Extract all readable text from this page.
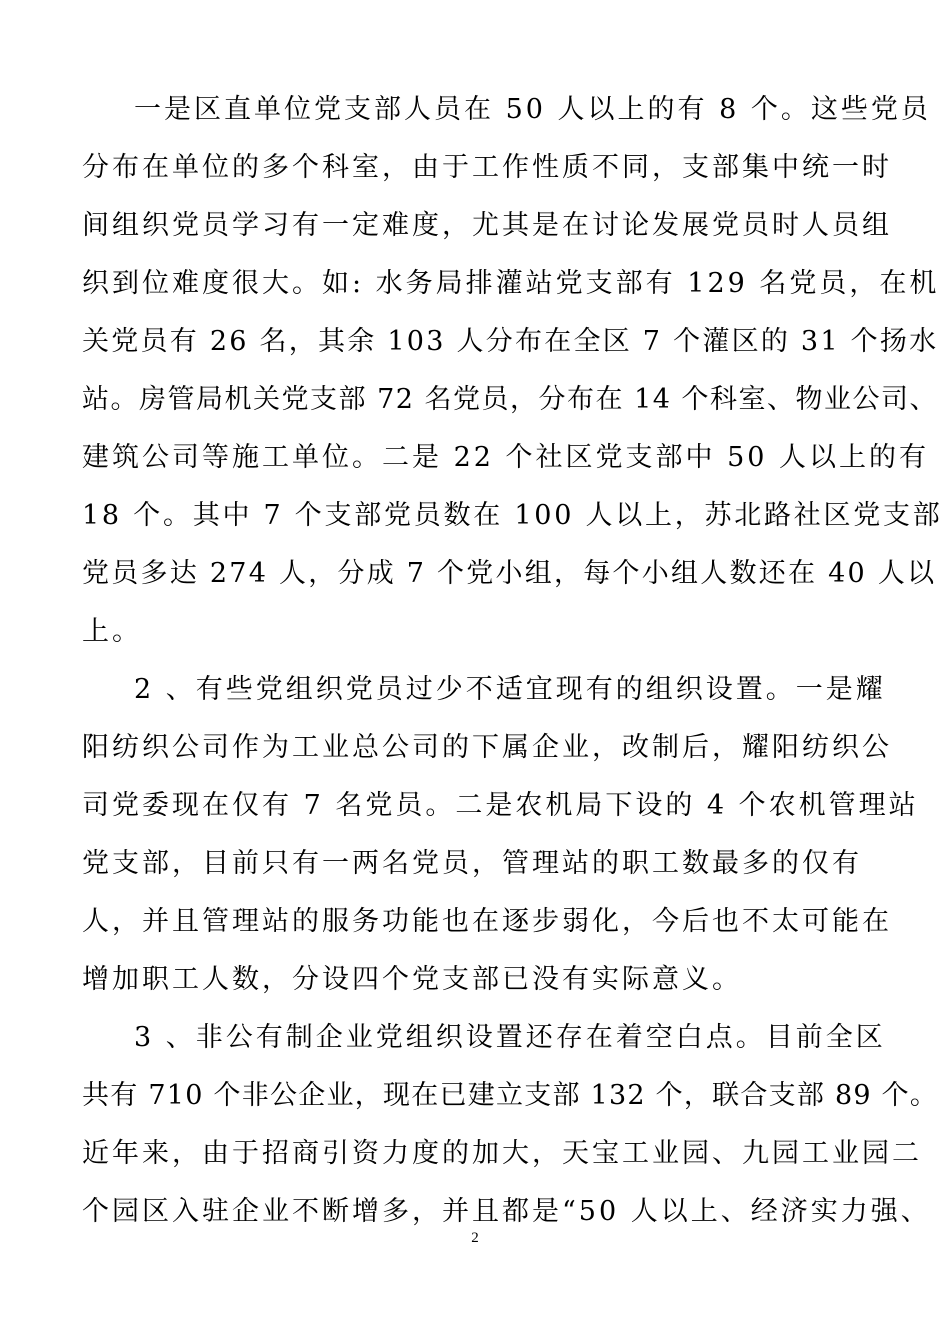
一是区直单位党支部人员在 50 人以上的有 8 个。这些党员
分布在单位的多个科室，由于工作性质不同，支部集中统一时
间组织党员学习有一定难度，尤其是在讨论发展党员时人员组
织到位难度很大。如: 水务局排灌站党支部有 129 名党员，在机
关党员有 26 名，其余 103 人分布在全区 7 个灌区的 31 个扬水
站。房管局机关党支部 72 名党员，分布在 14 个科室、物业公司、
建筑公司等施工单位。二是 22 个社区党支部中 50 人以上的有
18 个。其中 7 个支部党员数在 100 人以上，苏北路社区党支部
党员多达 274 人，分成 7 个党小组，每个小组人数还在 40 人以
上。
2 、有些党组织党员过少不适宜现有的组织设置。一是耀
阳纺织公司作为工业总公司的下属企业，改制后，耀阳纺织公
司党委现在仅有 7 名党员。二是农机局下设的 4 个农机管理站
党支部，目前只有一两名党员，管理站的职工数最多的仅有
人，并且管理站的服务功能也在逐步弱化，今后也不太可能在
增加职工人数，分设四个党支部已没有实际意义。
3 、非公有制企业党组织设置还存在着空白点。目前全区
共有 710 个非公企业，现在已建立支部 132 个，联合支部 89 个。
近年来，由于招商引资力度的加大，天宝工业园、九园工业园二
个园区入驻企业不断增多，并且都是“50 人以上、经济实力强、
2
